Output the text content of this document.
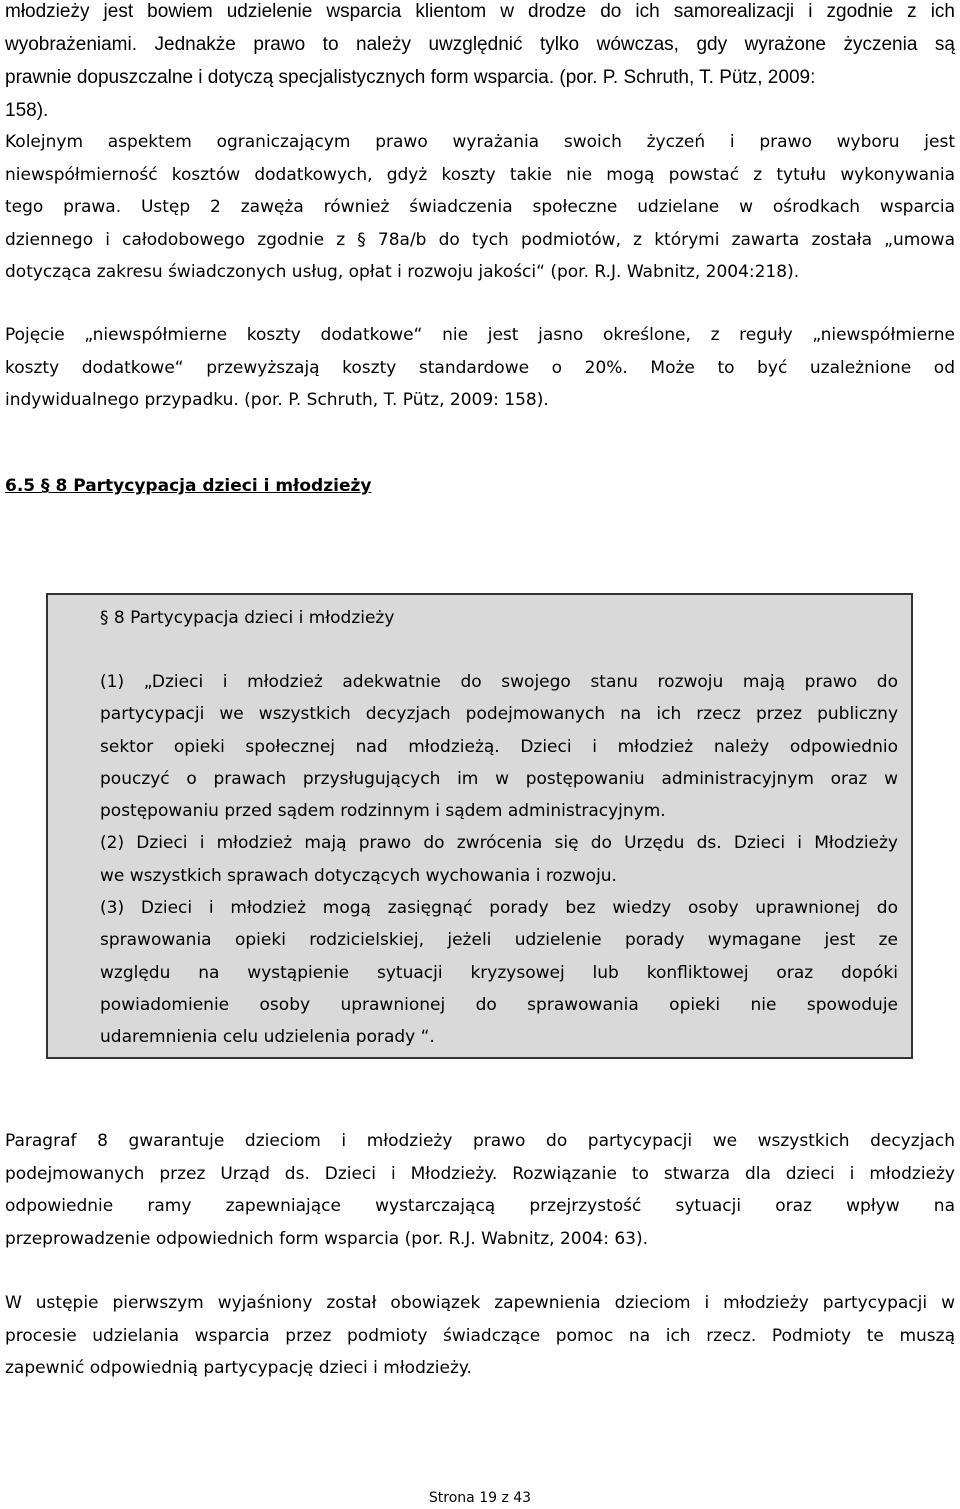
młodzieży jest bowiem udzielenie wsparcia klientom w drodze do ich samorealizacji i zgodnie z ich
wyobrażeniami. Jednakże prawo to należy uwzględnić tylko wówczas, gdy wyrażone życzenia są
prawnie dopuszczalne i dotyczą specjalistycznych form wsparcia. (por. P. Schruth, T. Pütz, 2009:
158).

Kolejnym aspektem ograniczającym prawo wyrażania swoich życzeń i prawo wyboru jest
niewspółmierność kosztów dodatkowych, gdyż koszty takie nie mogą powstać z tytułu wykonywania
tego prawa. Ustęp 2 zawęża również świadczenia społeczne udzielane w ośrodkach wsparcia
dziennego i całodobowego zgodnie z § 78a/b do tych podmiotów, z którymi zawarta została „umowa
dotycząca zakresu świadczonych usług, opłat i rozwoju jakości“ (por. R.J. Wabnitz, 2004:218).

Pojęcie „niewspółmierne koszty dodatkowe“ nie jest jasno określone, z reguły „niewspółmierne
koszty dodatkowe“ przewyższają koszty standardowe o 20%. Może to być uzależnione od
indywidualnego przypadku. (por. P. Schruth, T. Pütz, 2009: 158).

6.5 § 8 Partycypacja dzieci i młodzieży

§ 8 Partycypacja dzieci i młodzieży

(1) „Dzieci i młodzież adekwatnie do swojego stanu rozwoju mają prawo do
partycypacji we wszystkich decyzjach podejmowanych na ich rzecz przez publiczny
sektor opieki społecznej nad młodzieżą. Dzieci i młodzież należy odpowiednio
pouczyć o prawach przysługujących im w postępowaniu administracyjnym oraz w
postępowaniu przed sądem rodzinnym i sądem administracyjnym.
(2) Dzieci i młodzież mają prawo do zwrócenia się do Urzędu ds. Dzieci i Młodzieży
we wszystkich sprawach dotyczących wychowania i rozwoju.
(3) Dzieci i młodzież mogą zasięgnąć porady bez wiedzy osoby uprawnionej do
sprawowania opieki rodzicielskiej, jeżeli udzielenie porady wymagane jest ze
względu na wystąpienie sytuacji kryzysowej lub konfliktowej oraz dopóki
powiadomienie osoby uprawnionej do sprawowania opieki nie spowoduje
udaremnienia celu udzielenia porady “.

Paragraf 8 gwarantuje dzieciom i młodzieży prawo do partycypacji we wszystkich decyzjach
podejmowanych przez Urząd ds. Dzieci i Młodzieży. Rozwiązanie to stwarza dla dzieci i młodzieży
odpowiednie ramy zapewniające wystarczającą przejrzystość sytuacji oraz wpływ na
przeprowadzenie odpowiednich form wsparcia (por. R.J. Wabnitz, 2004: 63).

W ustępie pierwszym wyjaśniony został obowiązek zapewnienia dzieciom i młodzieży partycypacji w
procesie udzielania wsparcia przez podmioty świadczące pomoc na ich rzecz. Podmioty te muszą
zapewnić odpowiednią partycypację dzieci i młodzieży.

Strona 19 z 43
